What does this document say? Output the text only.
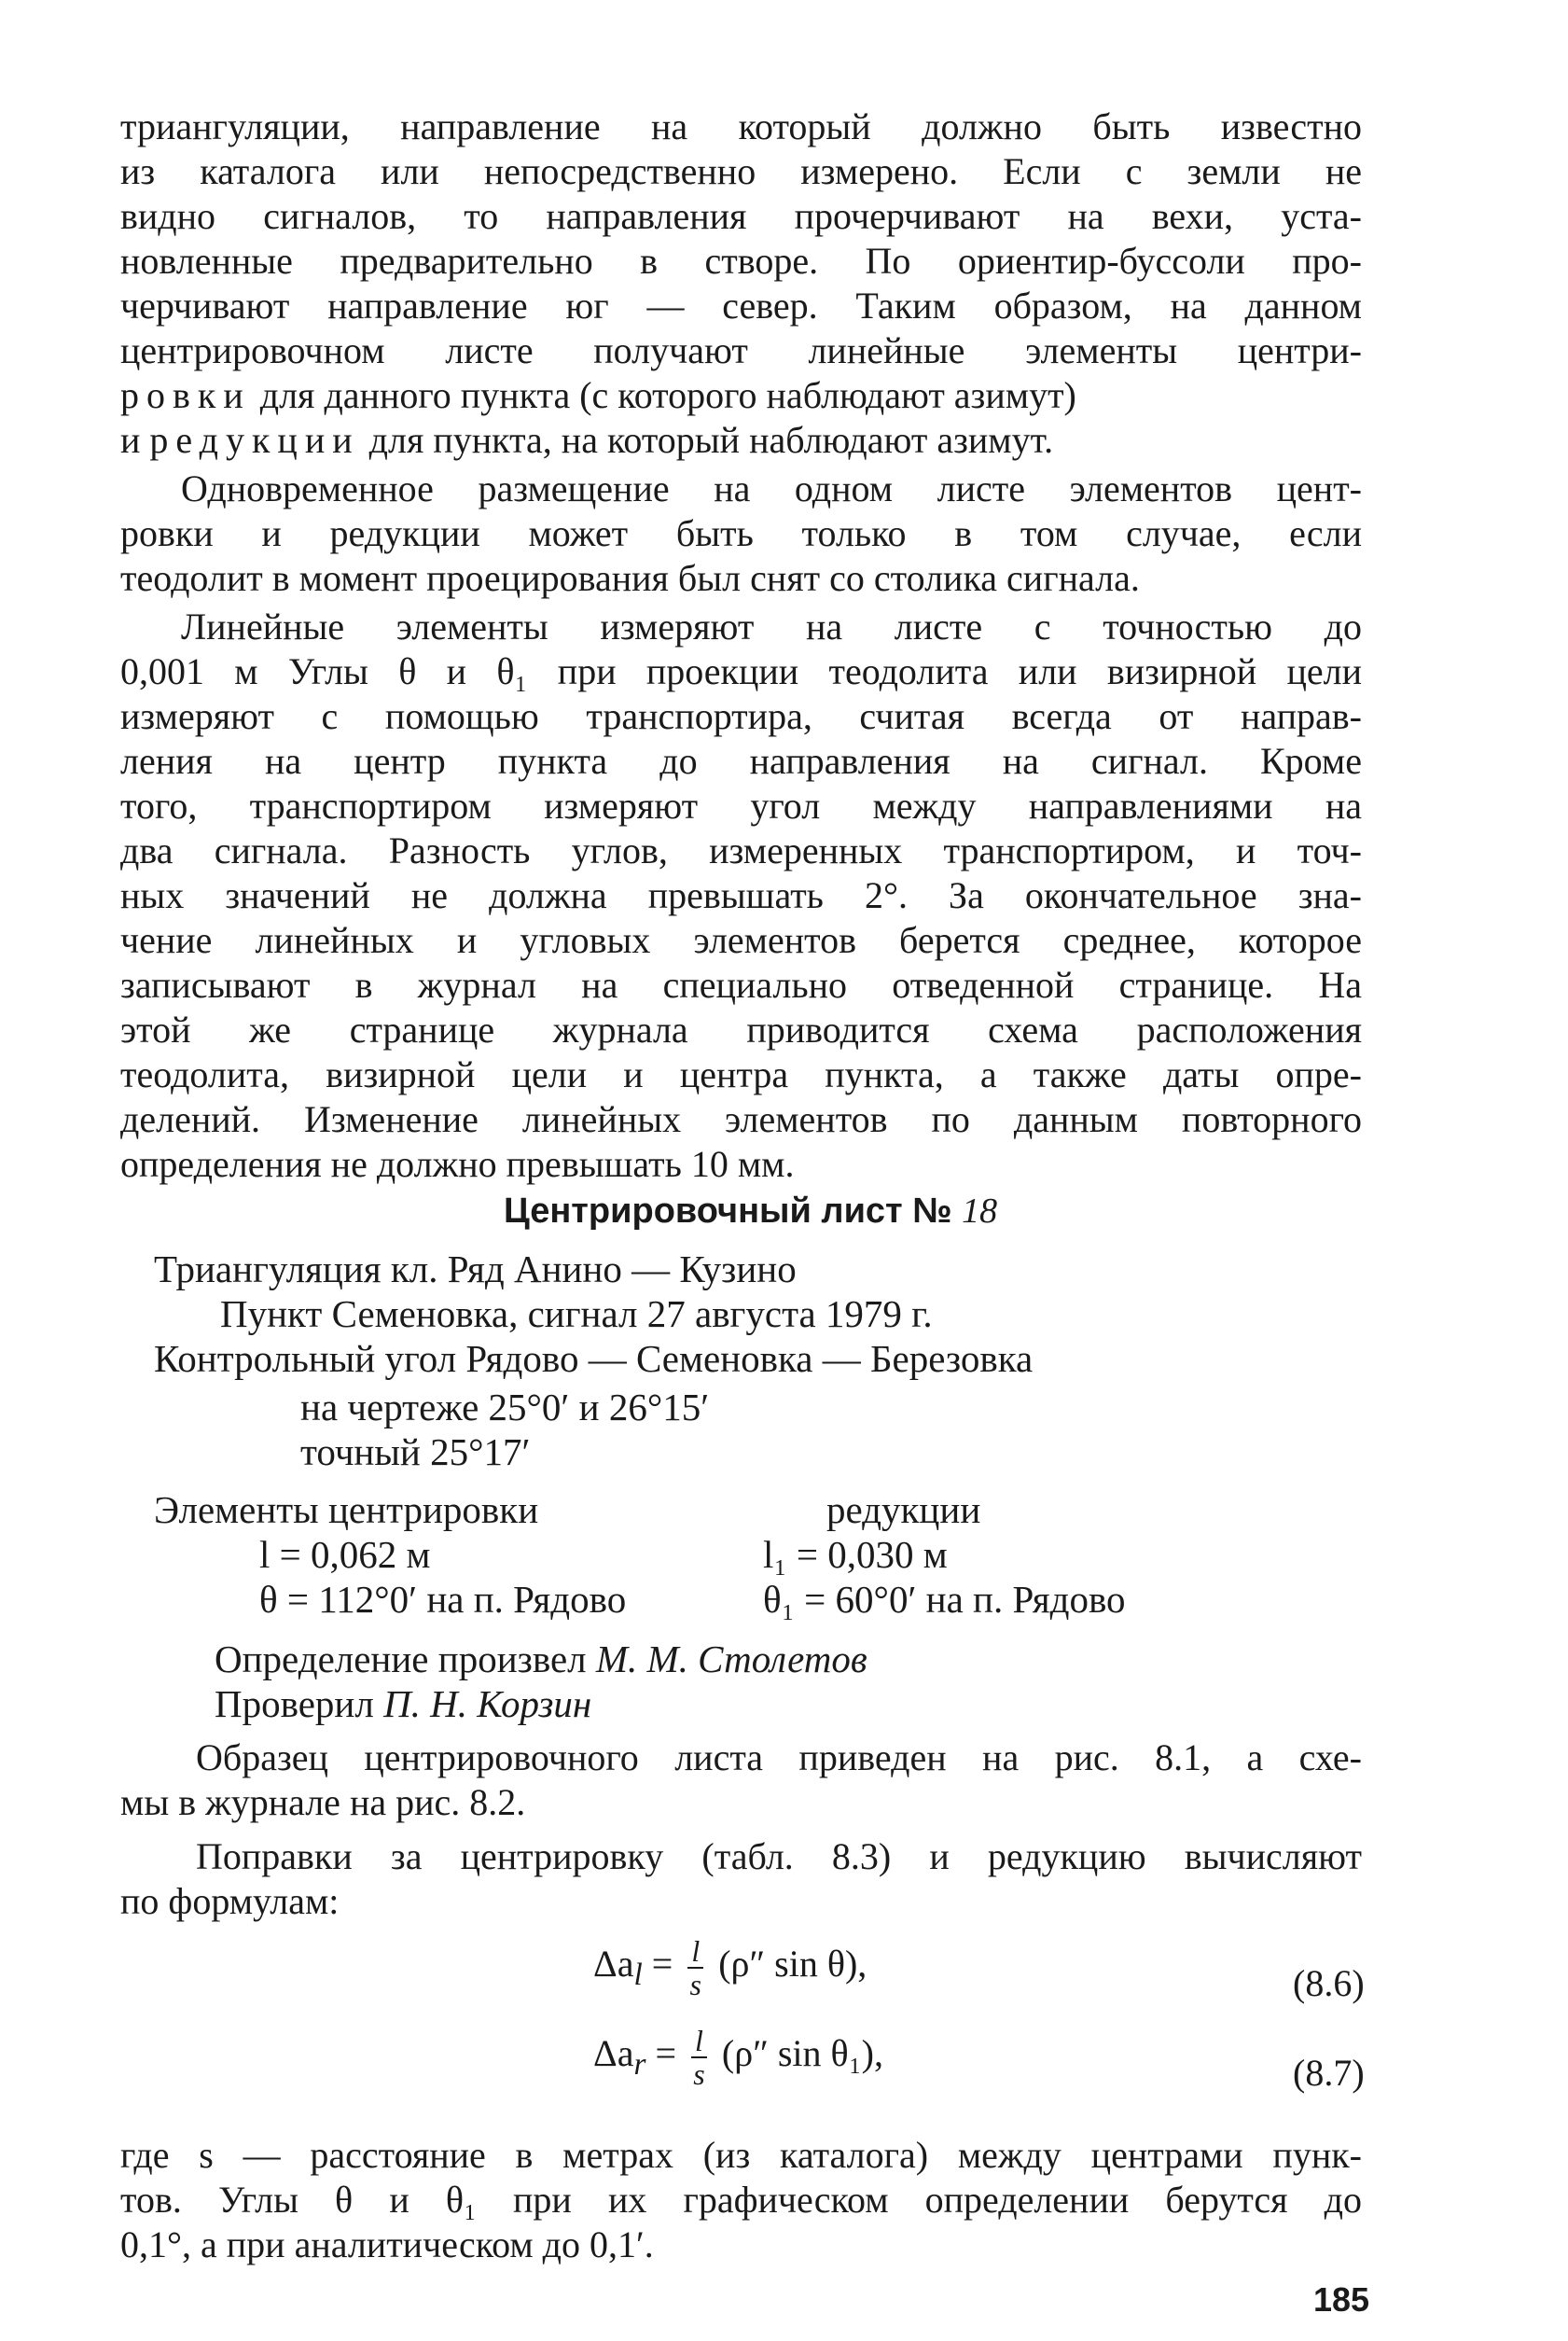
триангуляции, направление на который должно быть известно
из каталога или непосредственно измерено. Если с земли не
видно сигналов, то направления прочерчивают на вехи, уста-
новленные предварительно в створе. По ориентир-буссоли про-
черчивают направление юг — север. Таким образом, на данном
центрировочном листе получают линейные элементы центри-
ровки для данного пункта (с которого наблюдают азимут)
и редукции для пункта, на который наблюдают азимут.
Одновременное размещение на одном листе элементов цент-
ровки и редукции может быть только в том случае, если
теодолит в момент проецирования был снят со столика сигнала.
Линейные элементы измеряют на листе с точностью до
0,001 м Углы θ и θ₁ при проекции теодолита или визирной цели
измеряют с помощью транспортира, считая всегда от направ-
ления на центр пункта до направления на сигнал. Кроме
того, транспортиром измеряют угол между направлениями на
два сигнала. Разность углов, измеренных транспортиром, и точ-
ных значений не должна превышать 2°. За окончательное зна-
чение линейных и угловых элементов берется среднее, которое
записывают в журнал на специально отведенной странице. На
этой же странице журнала приводится схема расположения
теодолита, визирной цели и центра пункта, а также даты опре-
делений. Изменение линейных элементов по данным повторного
определения не должно превышать 10 мм.
Центрировочный лист № 18
Триангуляция кл. Ряд Анино — Кузино
Пункт Семеновка, сигнал 27 августа 1979 г.
Контрольный угол Рядово — Семеновка — Березовка
на чертеже 25°0′ и 26°15′
точный 25°17′
Элементы центрировки	редукции
l = 0,062 м	l₁ = 0,030 м
θ = 112°0′ на п. Рядово	θ₁ = 60°0′ на п. Рядово
Определение произвел М. М. Столетов
Проверил П. Н. Корзин
Образец центрировочного листа приведен на рис. 8.1, а схе-
мы в журнале на рис. 8.2.
Поправки за центрировку (табл. 8.3) и редукцию вычисляют
по формулам:
$\Delta a_l = \frac{l}{s} (\rho''$ sin θ),	(8.6)
$\Delta a_r = \frac{l}{s} (\rho''$ sin θ₁),	(8.7)
где s — расстояние в метрах (из каталога) между центрами пунк-
тов. Углы θ и θ₁ при их графическом определении берутся до
0,1°, а при аналитическом до 0,1′.
185
